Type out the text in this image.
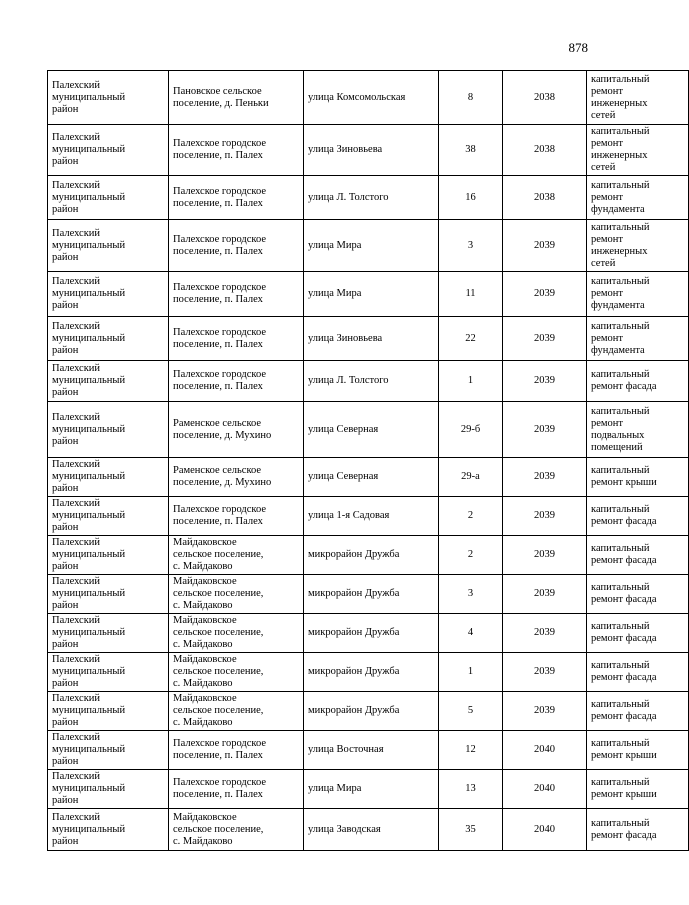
878
Палехский
муниципальный
район	Пановское сельское
поселение, д. Пеньки	улица Комсомольская	8	2038	капитальный
ремонт
инженерных
сетей

Палехский
муниципальный
район	Палехское городское
поселение, п. Палех	улица Зиновьева	38	2038	капитальный
ремонт
инженерных
сетей

Палехский
муниципальный
район	Палехское городское
поселение, п. Палех	улица Л. Толстого	16	2038	капитальный
ремонт
фундамента

Палехский
муниципальный
район	Палехское городское
поселение, п. Палех	улица Мира	3	2039	капитальный
ремонт
инженерных
сетей

Палехский
муниципальный
район	Палехское городское
поселение, п. Палех	улица Мира	11	2039	капитальный
ремонт
фундамента

Палехский
муниципальный
район	Палехское городское
поселение, п. Палех	улица Зиновьева	22	2039	капитальный
ремонт
фундамента

Палехский
муниципальный
район	Палехское городское
поселение, п. Палех	улица Л. Толстого	1	2039	капитальный
ремонт фасада

Палехский
муниципальный
район	Раменское сельское
поселение, д. Мухино	улица Северная	29-б	2039	капитальный
ремонт
подвальных
помещений

Палехский
муниципальный
район	Раменское сельское
поселение, д. Мухино	улица Северная	29-а	2039	капитальный
ремонт крыши

Палехский
муниципальный
район	Палехское городское
поселение, п. Палех	улица 1-я Садовая	2	2039	капитальный
ремонт фасада

Палехский
муниципальный
район	Майдаковское
сельское поселение,
с. Майдаково	микрорайон Дружба	2	2039	капитальный
ремонт фасада

Палехский
муниципальный
район	Майдаковское
сельское поселение,
с. Майдаково	микрорайон Дружба	3	2039	капитальный
ремонт фасада

Палехский
муниципальный
район	Майдаковское
сельское поселение,
с. Майдаково	микрорайон Дружба	4	2039	капитальный
ремонт фасада

Палехский
муниципальный
район	Майдаковское
сельское поселение,
с. Майдаково	микрорайон Дружба	1	2039	капитальный
ремонт фасада

Палехский
муниципальный
район	Майдаковское
сельское поселение,
с. Майдаково	микрорайон Дружба	5	2039	капитальный
ремонт фасада

Палехский
муниципальный
район	Палехское городское
поселение, п. Палех	улица Восточная	12	2040	капитальный
ремонт крыши

Палехский
муниципальный
район	Палехское городское
поселение, п. Палех	улица Мира	13	2040	капитальный
ремонт крыши

Палехский
муниципальный
район	Майдаковское
сельское поселение,
с. Майдаково	улица Заводская	35	2040	капитальный
ремонт фасада
